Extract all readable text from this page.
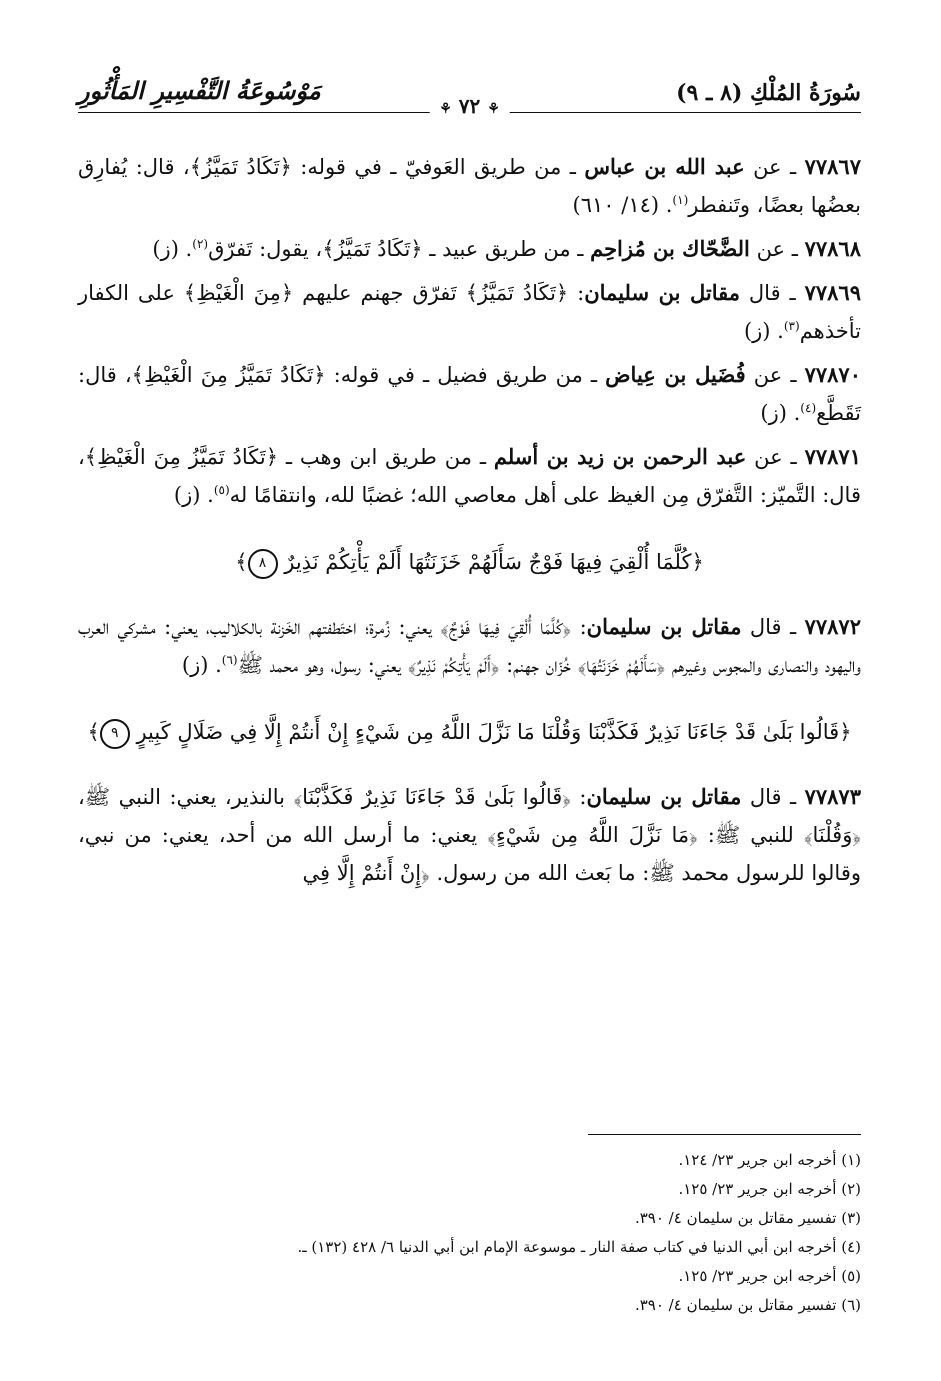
سُورَةُ المُلْكِ (٨ ـ ٩)
مَوْسُوعَةُ التَّفْسِيرِ المَأْثُورِ
⚘ ٧٢ ⚘

٧٧٨٦٧ ـ عن عبد الله بن عباس ـ من طريق العَوفيّ ـ في قوله: ﴿تَكَادُ تَمَيَّزُ﴾، قال: يُفارِق بعضُها بعضًا، وتَنفطر$^{(١)}$. (١٤/ ٦١٠)

٧٧٨٦٨ ـ عن الضَّحّاك بن مُزاحِم ـ من طريق عبيد ـ ﴿تَكَادُ تَمَيَّزُ﴾، يقول: تَفرّق$^{(٢)}$. (ز)

٧٧٨٦٩ ـ قال مقاتل بن سليمان: ﴿تَكَادُ تَمَيَّزُ﴾ تَفرّق جهنم عليهم ﴿مِنَ الْغَيْظِ﴾ على الكفار تأخذهم$^{(٣)}$. (ز)

٧٧٨٧٠ ـ عن فُضَيل بن عِياض ـ من طريق فضيل ـ في قوله: ﴿تَكَادُ تَمَيَّزُ مِنَ الْغَيْظِ﴾، قال: تَقَطَّع$^{(٤)}$. (ز)

٧٧٨٧١ ـ عن عبد الرحمن بن زيد بن أسلم ـ من طريق ابن وهب ـ ﴿تَكَادُ تَمَيَّزُ مِنَ الْغَيْظِ﴾، قال: التَّميّز: التَّفرّق مِن الغيظ على أهل معاصي الله؛ غضبًا لله، وانتقامًا له$^{(٥)}$. (ز)

﴿كُلَّمَا أُلْقِيَ فِيهَا فَوْجٌ سَأَلَهُمْ خَزَنَتُهَا أَلَمْ يَأْتِكُمْ نَذِيرٌ ٨﴾

٧٧٨٧٢ ـ قال مقاتل بن سليمان: ﴿كُلَّمَا أُلْقِيَ فِيهَا فَوْجٌ﴾ يعني: زُمرة؛ اختَطفتهم الخَزنة بالكلاليب، يعني: مشركي العرب واليهود والنصارى والمجوس وغيرهم ﴿سَأَلَهُمْ خَزَنَتُهَا﴾ خُزّان جهنم: ﴿أَلَمْ يَأْتِكُمْ نَذِيرٌ﴾ يعني: رسول، وهو محمد ﷺ$^{(٦)}$. (ز)

﴿قَالُوا بَلَىٰ قَدْ جَاءَنَا نَذِيرٌ فَكَذَّبْنَا وَقُلْنَا مَا نَزَّلَ اللَّهُ مِن شَيْءٍ إِنْ أَنتُمْ إِلَّا فِي ضَلَالٍ كَبِيرٍ ٩﴾

٧٧٨٧٣ ـ قال مقاتل بن سليمان: ﴿قَالُوا بَلَىٰ قَدْ جَاءَنَا نَذِيرٌ فَكَذَّبْنَا﴾ بالنذير، يعني: النبي ﷺ، ﴿وَقُلْنَا﴾ للنبي ﷺ: ﴿مَا نَزَّلَ اللَّهُ مِن شَيْءٍ﴾ يعني: ما أرسل الله من أحد، يعني: من نبي، وقالوا للرسول محمد ﷺ: ما بَعث الله من رسول. ﴿إِنْ أَنتُمْ إِلَّا فِي

(١) أخرجه ابن جرير ٢٣/ ١٢٤.
(٢) أخرجه ابن جرير ٢٣/ ١٢٥.
(٣) تفسير مقاتل بن سليمان ٤/ ٣٩٠.
(٤) أخرجه ابن أبي الدنيا في كتاب صفة النار ـ موسوعة الإمام ابن أبي الدنيا ٦/ ٤٢٨ (١٣٢) ـ.
(٥) أخرجه ابن جرير ٢٣/ ١٢٥.
(٦) تفسير مقاتل بن سليمان ٤/ ٣٩٠.
